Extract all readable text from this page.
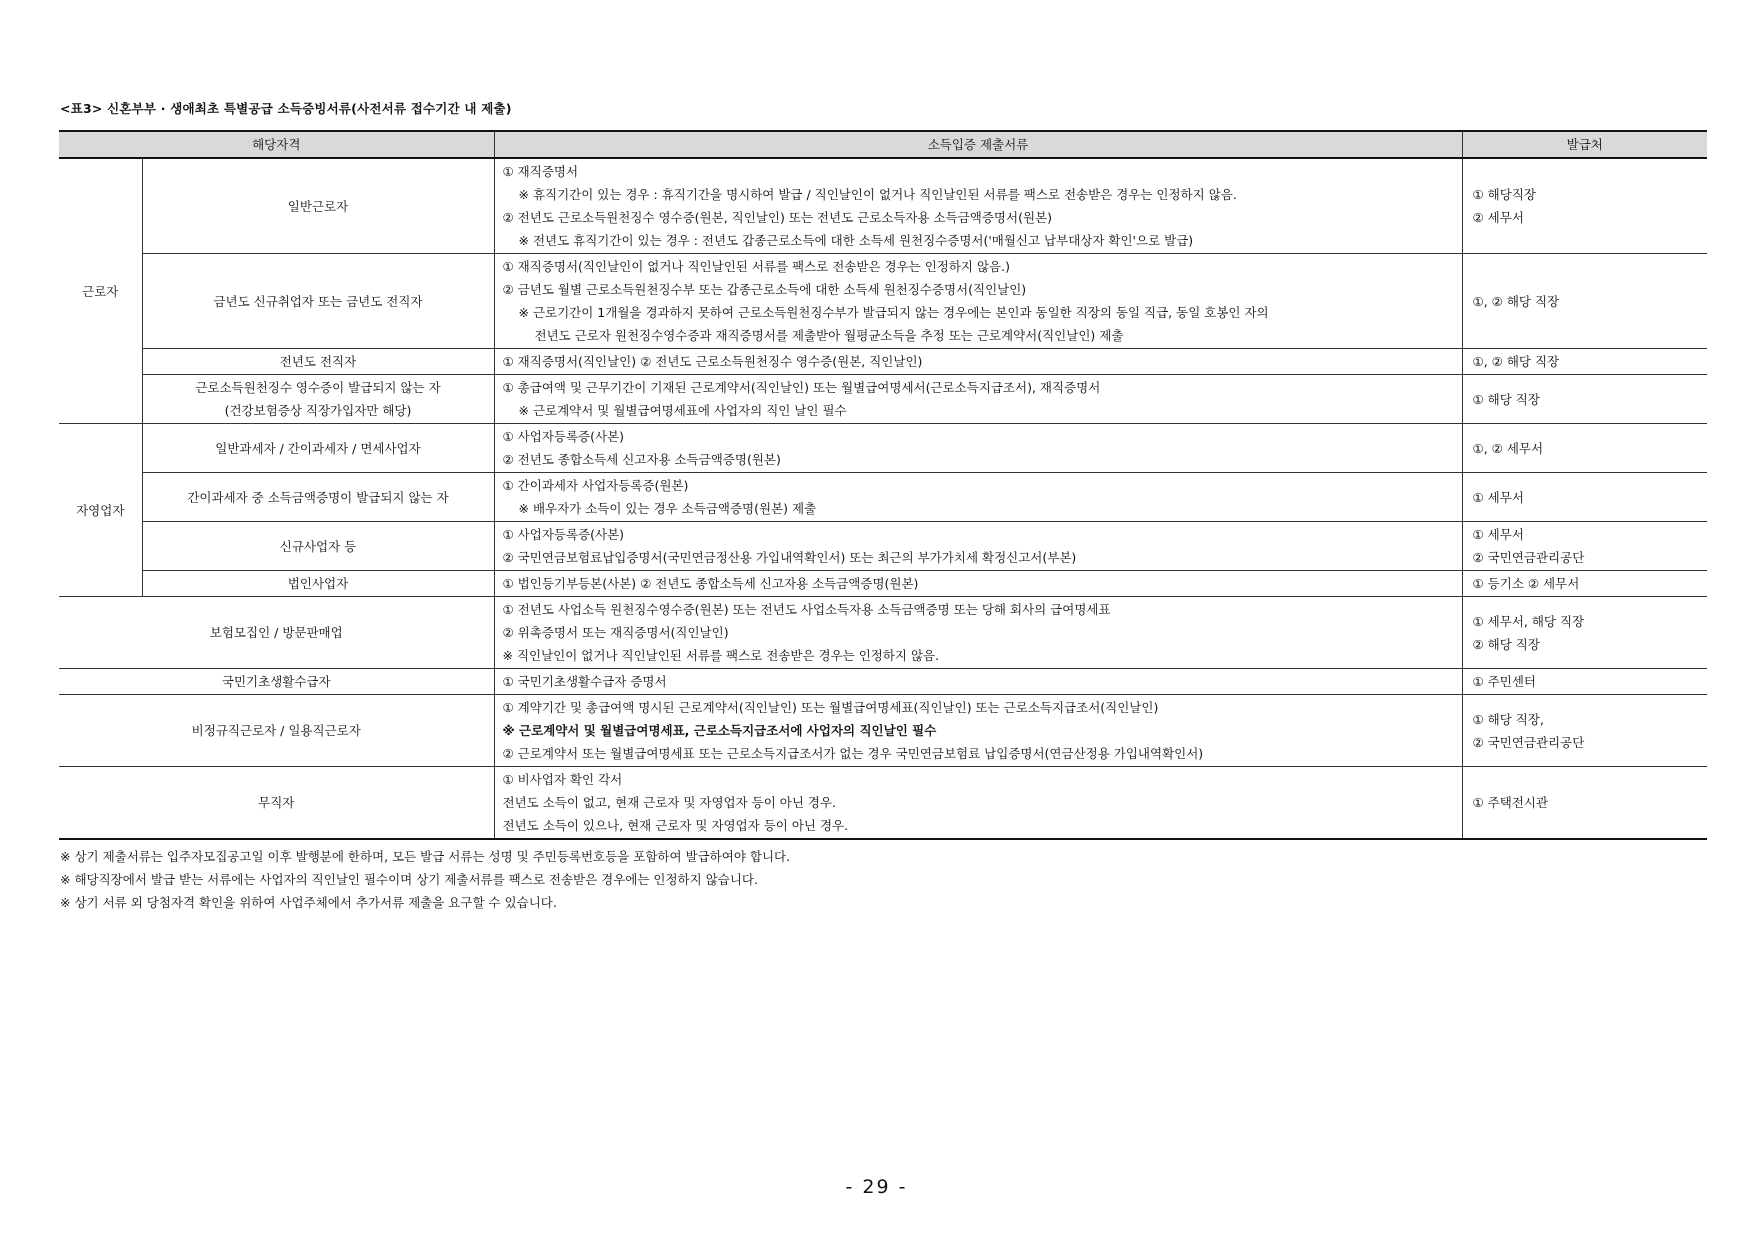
<표3> 신혼부부 · 생애최초 특별공급 소득증빙서류(사전서류 접수기간 내 제출)
해당자격		소득입증 제출서류	발급처
근로자	일반근로자	① 재직증명서
※ 휴직기간이 있는 경우 : 휴직기간을 명시하여 발급 / 직인날인이 없거나 직인날인된 서류를 팩스로 전송받은 경우는 인정하지 않음.
② 전년도 근로소득원천징수 영수증(원본, 직인날인) 또는 전년도 근로소득자용 소득금액증명서(원본)
※ 전년도 휴직기간이 있는 경우 : 전년도 갑종근로소득에 대한 소득세 원천징수증명서('매월신고 납부대상자 확인'으로 발급)	① 해당직장
② 세무서

	금년도 신규취업자 또는 금년도 전직자	① 재직증명서(직인날인이 없거나 직인날인된 서류를 팩스로 전송받은 경우는 인정하지 않음.)
② 금년도 월별 근로소득원천징수부 또는 갑종근로소득에 대한 소득세 원천징수증명서(직인날인)
※ 근로기간이 1개월을 경과하지 못하여 근로소득원천징수부가 발급되지 않는 경우에는 본인과 동일한 직장의 동일 직급, 동일 호봉인 자의
전년도 근로자 원천징수영수증과 재직증명서를 제출받아 월평균소득을 추정 또는 근로계약서(직인날인) 제출	①, ② 해당 직장

	전년도 전직자	① 재직증명서(직인날인) ② 전년도 근로소득원천징수 영수증(원본, 직인날인)	①, ② 해당 직장

	근로소득원천징수 영수증이 발급되지 않는 자
(건강보험증상 직장가입자만 해당)	① 총급여액 및 근무기간이 기재된 근로계약서(직인날인) 또는 월별급여명세서(근로소득지급조서), 재직증명서
※ 근로계약서 및 월별급여명세표에 사업자의 직인 날인 필수	① 해당 직장

자영업자	일반과세자 / 간이과세자 / 면세사업자	① 사업자등록증(사본)
② 전년도 종합소득세 신고자용 소득금액증명(원본)	①, ② 세무서

	간이과세자 중 소득금액증명이 발급되지 않는 자	① 간이과세자 사업자등록증(원본)
※ 배우자가 소득이 있는 경우 소득금액증명(원본) 제출	① 세무서

	신규사업자 등	① 사업자등록증(사본)
② 국민연금보험료납입증명서(국민연금정산용 가입내역확인서) 또는 최근의 부가가치세 확정신고서(부본)	① 세무서
② 국민연금관리공단

	법인사업자	① 법인등기부등본(사본) ② 전년도 종합소득세 신고자용 소득금액증명(원본)	① 등기소 ② 세무서

보험모집인 / 방문판매업		① 전년도 사업소득 원천징수영수증(원본) 또는 전년도 사업소득자용 소득금액증명 또는 당해 회사의 급여명세표
② 위촉증명서 또는 재직증명서(직인날인)
※ 직인날인이 없거나 직인날인된 서류를 팩스로 전송받은 경우는 인정하지 않음.	① 세무서, 해당 직장
② 해당 직장

국민기초생활수급자		① 국민기초생활수급자 증명서	① 주민센터

비정규직근로자 / 일용직근로자		① 계약기간 및 총급여액 명시된 근로계약서(직인날인) 또는 월별급여명세표(직인날인) 또는 근로소득지급조서(직인날인)
※ 근로계약서 및 월별급여명세표, 근로소득지급조서에 사업자의 직인날인 필수
② 근로계약서 또는 월별급여명세표 또는 근로소득지급조서가 없는 경우 국민연금보험료 납입증명서(연금산정용 가입내역확인서)	① 해당 직장,
② 국민연금관리공단

무직자		① 비사업자 확인 각서
전년도 소득이 없고, 현재 근로자 및 자영업자 등이 아닌 경우.
전년도 소득이 있으나, 현재 근로자 및 자영업자 등이 아닌 경우.	① 주택전시관
※ 상기 제출서류는 입주자모집공고일 이후 발행분에 한하며, 모든 발급 서류는 성명 및 주민등록번호등을 포함하여 발급하여야 합니다.
※ 해당직장에서 발급 받는 서류에는 사업자의 직인날인 필수이며 상기 제출서류를 팩스로 전송받은 경우에는 인정하지 않습니다.
※ 상기 서류 외 당첨자격 확인을 위하여 사업주체에서 추가서류 제출을 요구할 수 있습니다.
- 29 -
